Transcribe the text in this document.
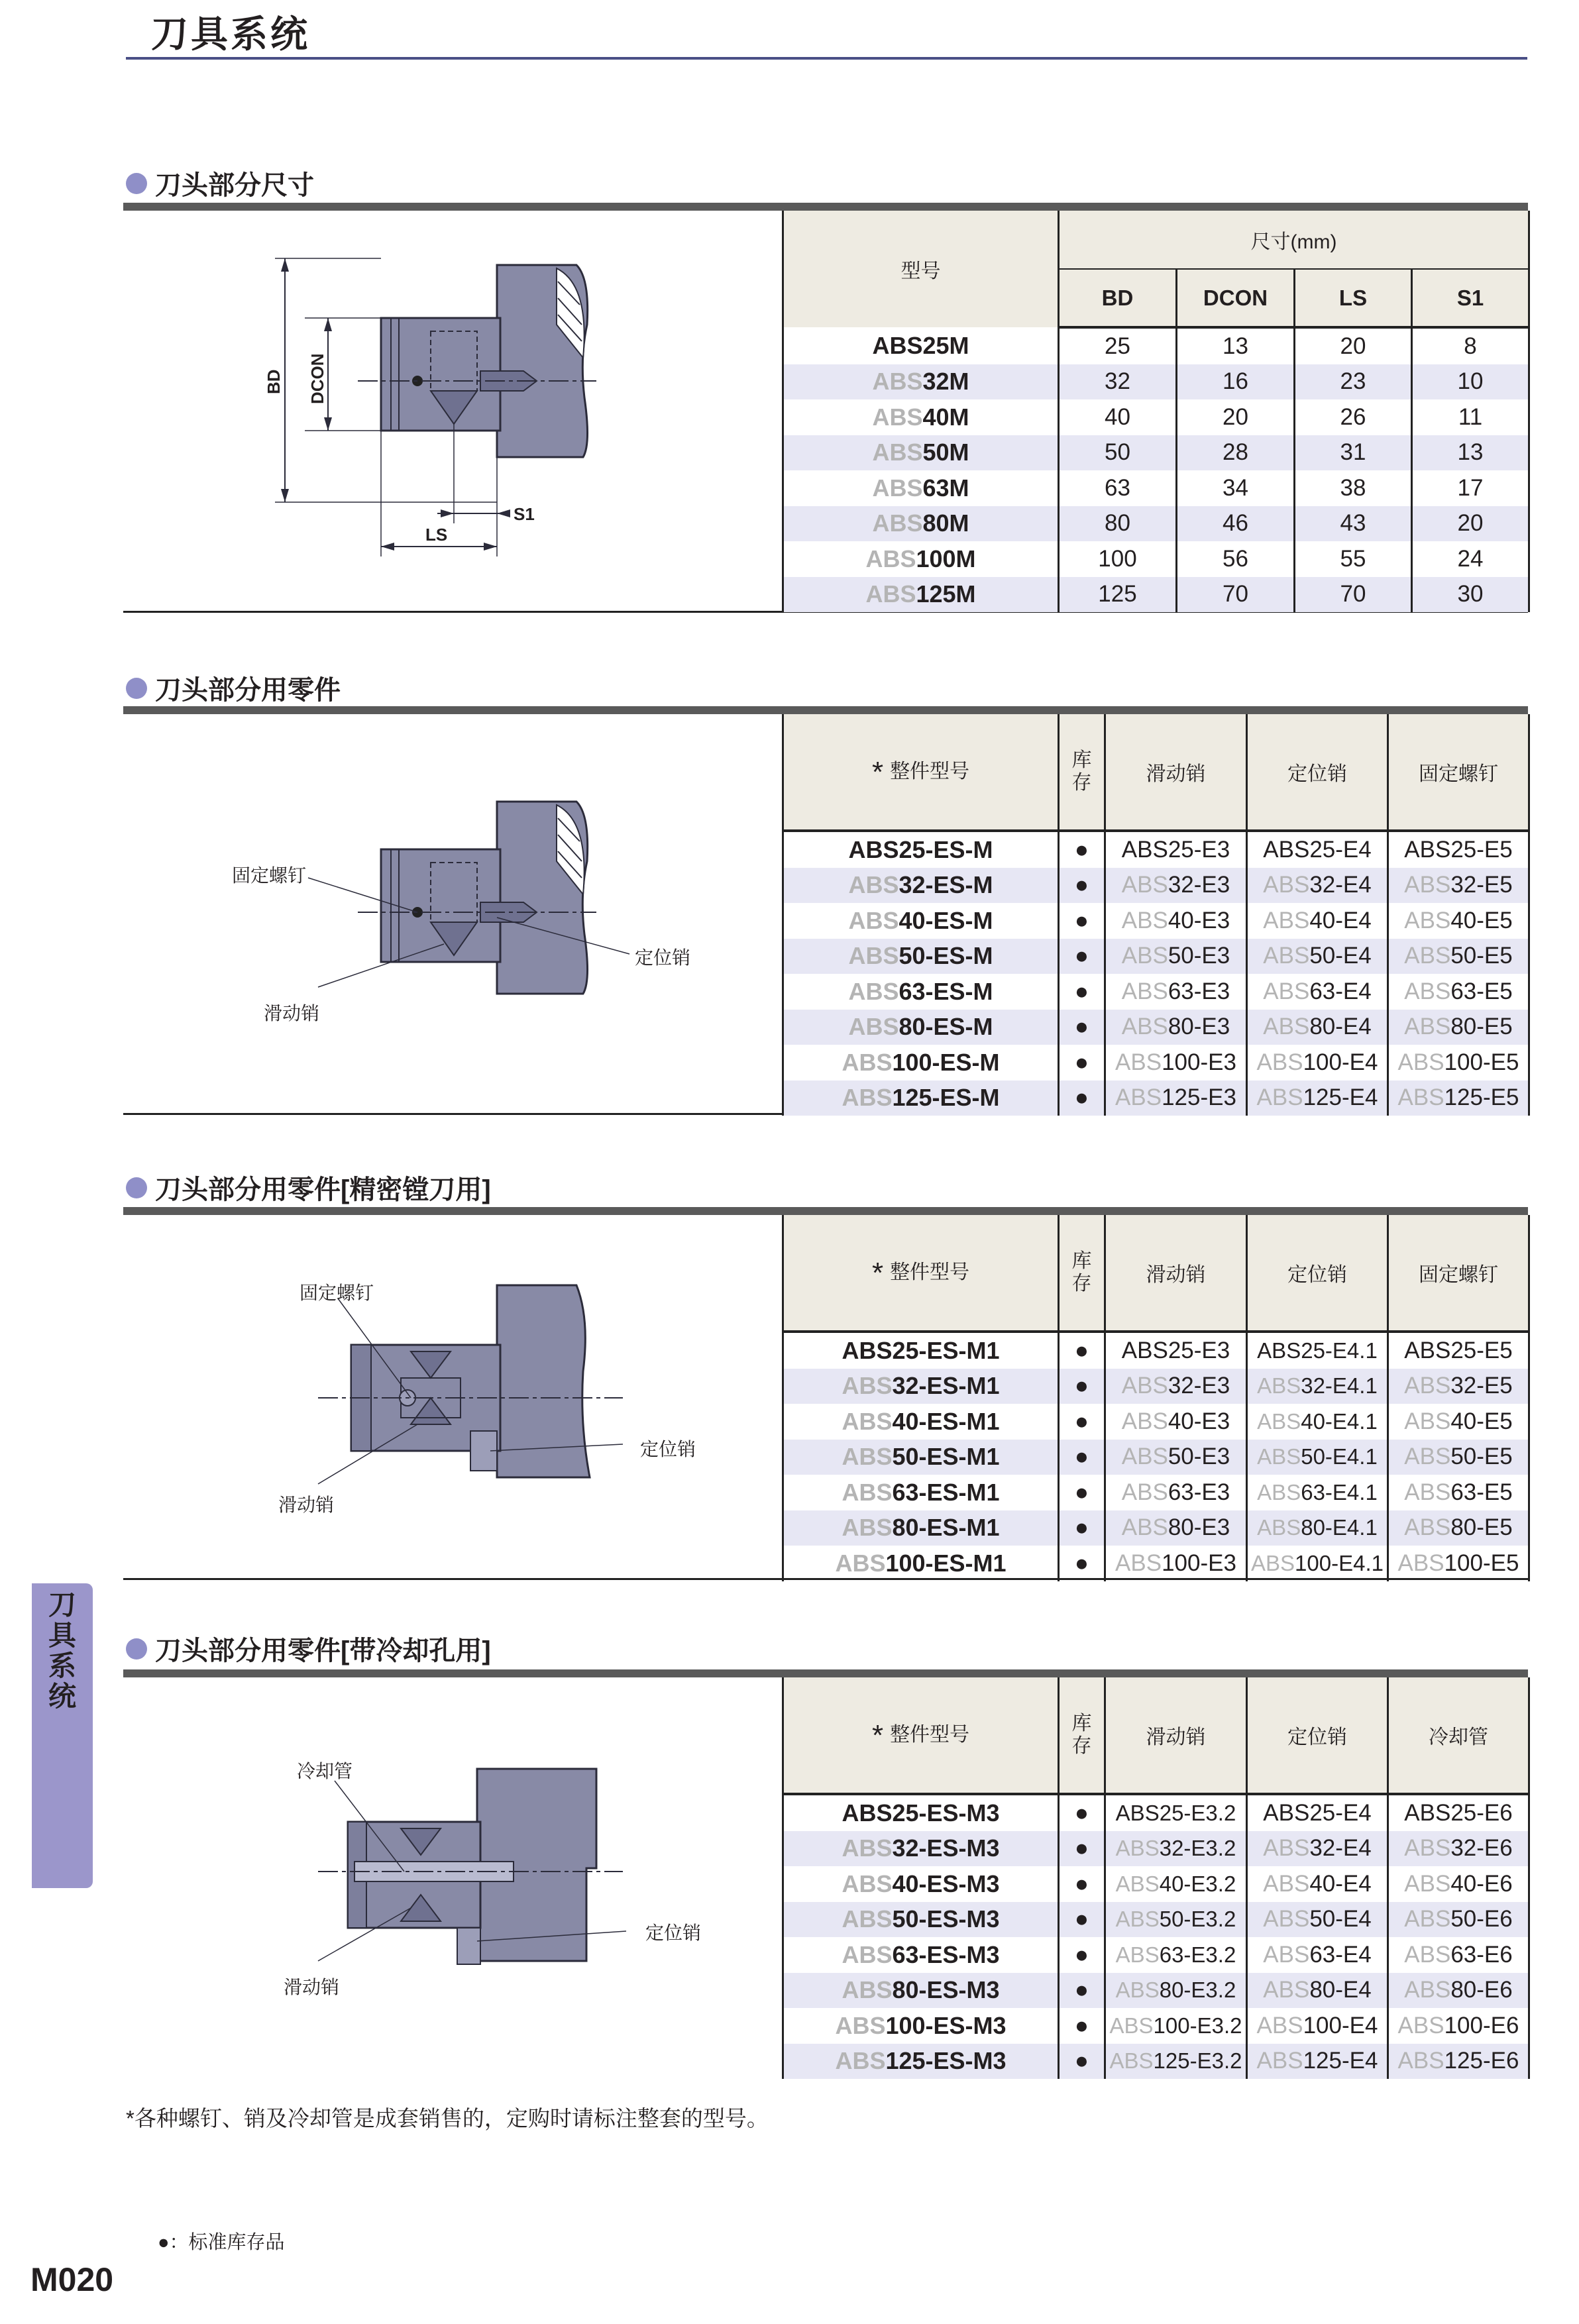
刀具系统
刀头部分尺寸
BD DCON
LS
S1
型号	尺寸(mm)			
	BD	DCON	LS	S1
ABS25M	25	13	20	8
ABS32M	32	16	23	10
ABS40M	40	20	26	11
ABS50M	50	28	31	13
ABS63M	63	34	38	17
ABS80M	80	46	43	20
ABS100M	100	56	55	24
ABS125M	125	70	70	30
刀头部分用零件
固定螺钉
定位销
滑动销
* 整件型号	库存	滑动销	定位销	固定螺钉
ABS25-ES-M	●	ABS25-E3	ABS25-E4	ABS25-E5
ABS32-ES-M	●	ABS32-E3	ABS32-E4	ABS32-E5
ABS40-ES-M	●	ABS40-E3	ABS40-E4	ABS40-E5
ABS50-ES-M	●	ABS50-E3	ABS50-E4	ABS50-E5
ABS63-ES-M	●	ABS63-E3	ABS63-E4	ABS63-E5
ABS80-ES-M	●	ABS80-E3	ABS80-E4	ABS80-E5
ABS100-ES-M	●	ABS100-E3	ABS100-E4	ABS100-E5
ABS125-ES-M	●	ABS125-E3	ABS125-E4	ABS125-E5
刀头部分用零件[精密镗刀用]
固定螺钉
定位销
滑动销
* 整件型号	库存	滑动销	定位销	固定螺钉
ABS25-ES-M1	●	ABS25-E3	ABS25-E4.1	ABS25-E5
ABS32-ES-M1	●	ABS32-E3	ABS32-E4.1	ABS32-E5
ABS40-ES-M1	●	ABS40-E3	ABS40-E4.1	ABS40-E5
ABS50-ES-M1	●	ABS50-E3	ABS50-E4.1	ABS50-E5
ABS63-ES-M1	●	ABS63-E3	ABS63-E4.1	ABS63-E5
ABS80-ES-M1	●	ABS80-E3	ABS80-E4.1	ABS80-E5
ABS100-ES-M1	●	ABS100-E3	ABS100-E4.1	ABS100-E5
刀头部分用零件[带冷却孔用]
冷却管
定位销
滑动销
* 整件型号	库存	滑动销	定位销	冷却管
ABS25-ES-M3	●	ABS25-E3.2	ABS25-E4	ABS25-E6
ABS32-ES-M3	●	ABS32-E3.2	ABS32-E4	ABS32-E6
ABS40-ES-M3	●	ABS40-E3.2	ABS40-E4	ABS40-E6
ABS50-ES-M3	●	ABS50-E3.2	ABS50-E4	ABS50-E6
ABS63-ES-M3	●	ABS63-E3.2	ABS63-E4	ABS63-E6
ABS80-ES-M3	●	ABS80-E3.2	ABS80-E4	ABS80-E6
ABS100-ES-M3	●	ABS100-E3.2	ABS100-E4	ABS100-E6
ABS125-ES-M3	●	ABS125-E3.2	ABS125-E4	ABS125-E6
刀具系统
*各种螺钉、销及冷却管是成套销售的，定购时请标注整套的型号。
●：标准库存品
M020
